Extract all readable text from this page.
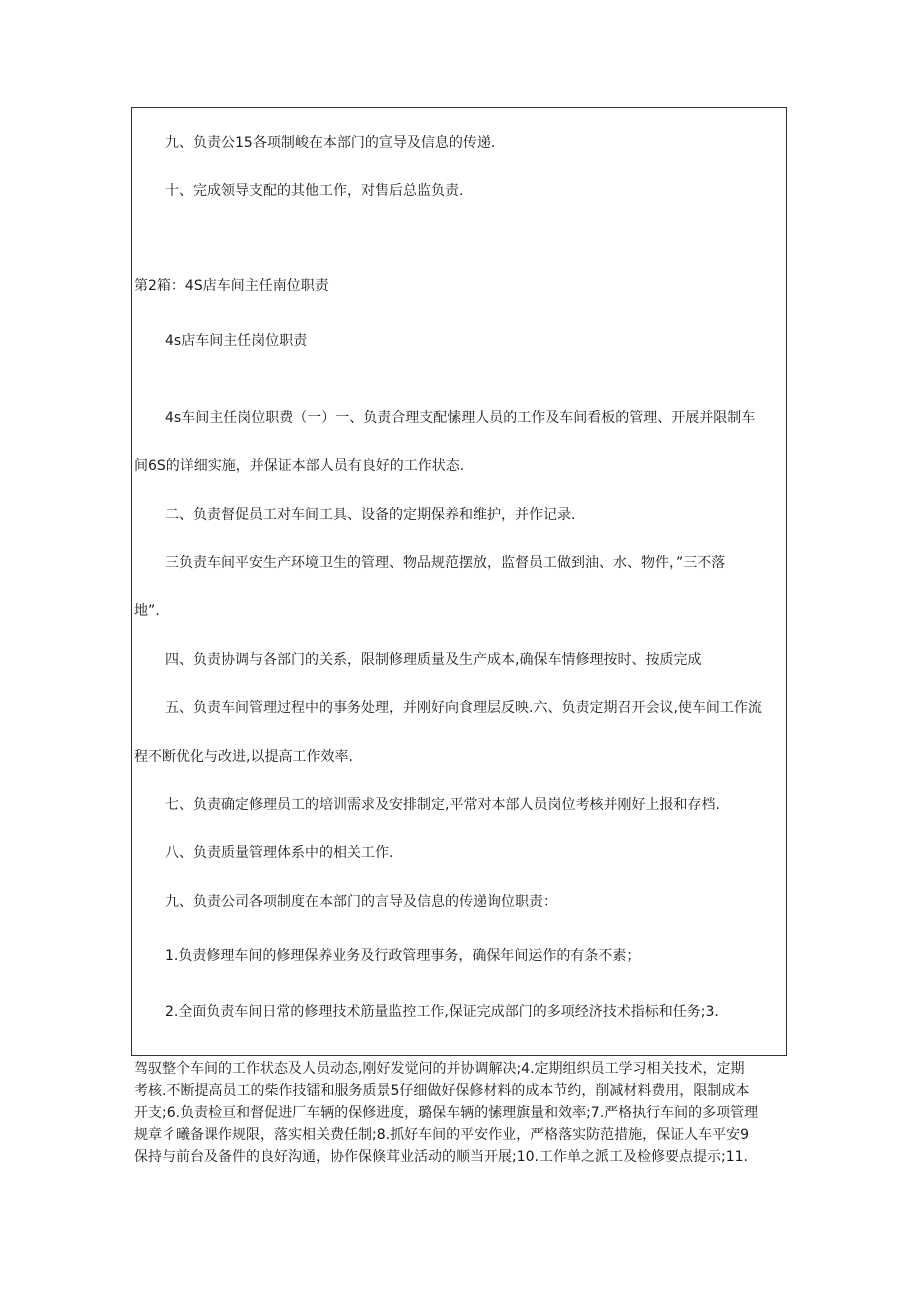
九、负责公15各项制峻在本部门的宣导及信息的传递.
十、完成领导支配的其他工作，对售后总监负责.
第2箱：4S店车间主任南位职责
4s店车间主任岗位职责
4s车间主任岗位职费（一）一、负责合理支配愫理人员的工作及车间看板的管理、开展并限制车
间6S的详细实施，并保证本部人员有良好的工作状态.
二、负责督促员工对车间工具、设备的定期保养和维护，并作记录.
三负责车间平安生产环境卫生的管理、物品规范摆放，监督员工做到油、水、物件，”三不落
地”.
四、负责协调与各部门的关系，限制修理质量及生产成本,确保车情修理按时、按质完成
五、负责车间管理过程中的事务处理，并刚好向食理层反映.六、负责定期召开会议,使车间工作流
程不断优化与改进,以提高工作效率.
七、负责确定修理员工的培训需求及安排制定,平常对本部人员岗位考核并刚好上报和存档.
八、负责质量管理体系中的相关工作.
九、负责公司各项制度在本部门的言导及信息的传递询位职责：
1.负责修理车间的修理保养业务及行政管理事务，确保年间运作的有条不素；
2.全面负责车间日常的修理技术筋量监控工作,保证完成部门的多项经济技术指标和任务;3.

驾驭整个车间的工作状态及人员动态,刚好发觉问的并协调解决;4.定期组织员工学习相关技术，定期

考核.不断提高员工的柴作技镭和服务质景5仔细做好保修材料的成本节约，削减材料费用，限制成本

开支;6.负责检亘和督促进厂车辆的保修进度，璐保车辆的愫理旗量和效率;7.严格执行车间的多项管理

规章彳曦备课作规限，落实相关费任制;8.抓好车间的平安作业，严格落实防范措施，保证人车平安9

保持与前台及备件的良好沟通，协作保倏茸业活动的顺当开展;10.工作单之派工及检修要点提示;11.
